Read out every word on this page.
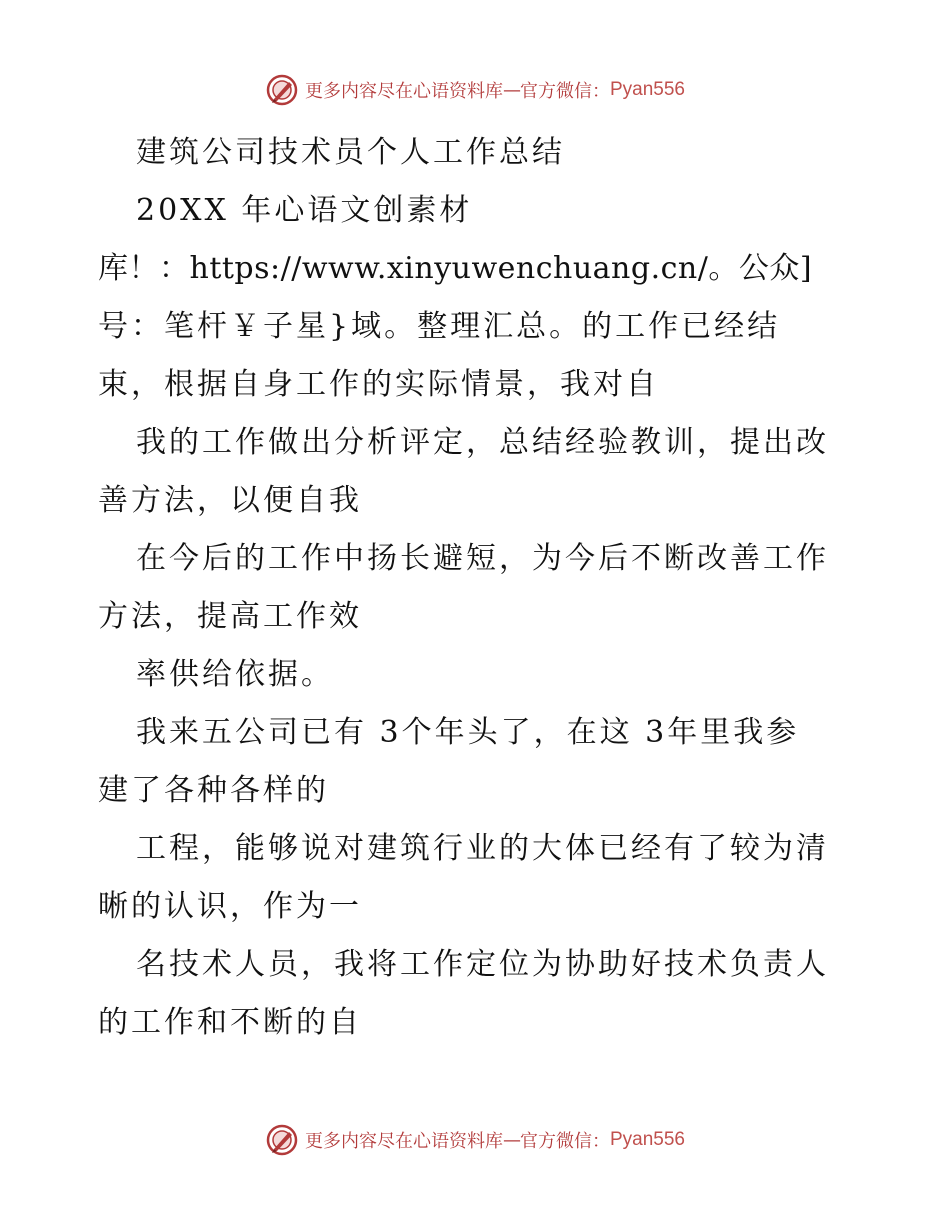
更多内容尽在心语资料库 — 官方微信： Pyan556
建筑公司技术员个人工作总结
20XX 年心语文创素材
库！：https://www.xinyuwenchuang.cn/。公众]
号：笔杆￥子星}域。整理汇总。的工作已经结
束，根据自身工作的实际情景，我对自
我的工作做出分析评定，总结经验教训，提出改
善方法，以便自我
在今后的工作中扬长避短，为今后不断改善工作
方法，提高工作效
率供给依据。
我来五公司已有 3个年头了，在这 3年里我参
建了各种各样的
工程，能够说对建筑行业的大体已经有了较为清
晰的认识，作为一
名技术人员，我将工作定位为协助好技术负责人
的工作和不断的自
更多内容尽在心语资料库 — 官方微信： Pyan556
